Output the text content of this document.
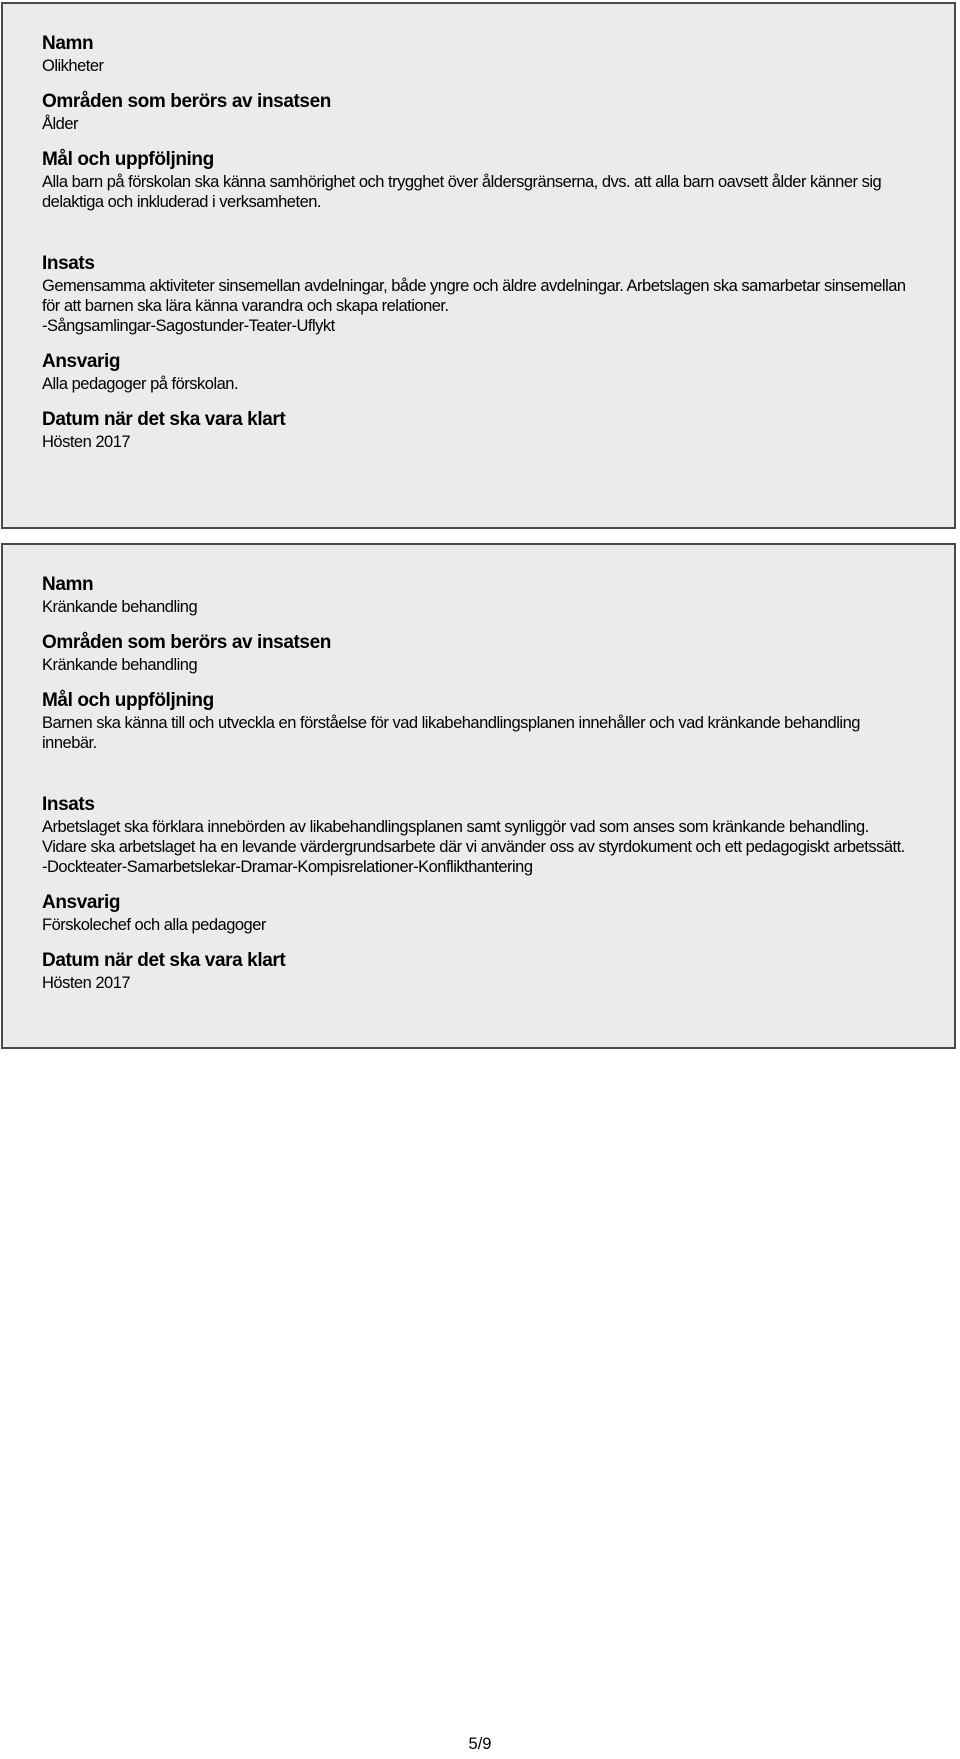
Namn
Olikheter
Områden som berörs av insatsen
Ålder
Mål och uppföljning
Alla barn på förskolan ska känna samhörighet och trygghet över åldersgränserna, dvs. att alla barn oavsett ålder känner sig delaktiga och inkluderad i verksamheten.
Insats
Gemensamma aktiviteter sinsemellan avdelningar, både yngre och äldre avdelningar. Arbetslagen ska samarbetar sinsemellan för att barnen ska lära känna varandra och skapa relationer.
-Sångsamlingar-Sagostunder-Teater-Uflykt
Ansvarig
Alla pedagoger på förskolan.
Datum när det ska vara klart
Hösten 2017
Namn
Kränkande behandling
Områden som berörs av insatsen
Kränkande behandling
Mål och uppföljning
Barnen ska känna till och utveckla en förståelse för vad likabehandlingsplanen innehåller och vad kränkande behandling innebär.
Insats
Arbetslaget ska förklara innebörden av likabehandlingsplanen samt synliggör vad som anses som kränkande behandling. Vidare ska arbetslaget ha en levande värdergrundsarbete där vi använder oss av styrdokument och ett pedagogiskt arbetssätt.
-Dockteater-Samarbetslekar-Dramar-Kompisrelationer-Konflikthantering
Ansvarig
Förskolechef och alla pedagoger
Datum när det ska vara klart
Hösten 2017
5/9
